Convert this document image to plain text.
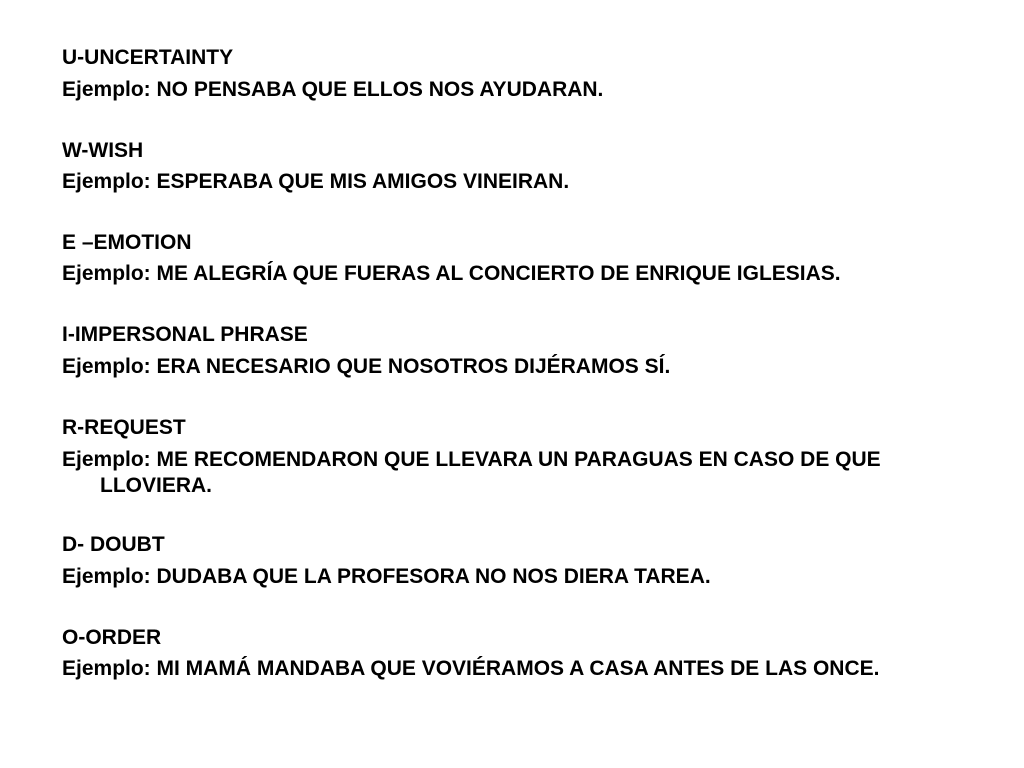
U-UNCERTAINTY
Ejemplo: NO PENSABA QUE ELLOS NOS AYUDARAN.
W-WISH
Ejemplo: ESPERABA QUE MIS AMIGOS VINEIRAN.
E –EMOTION
Ejemplo: ME ALEGRÍA QUE FUERAS AL CONCIERTO DE ENRIQUE IGLESIAS.
I-IMPERSONAL PHRASE
Ejemplo: ERA NECESARIO QUE NOSOTROS DIJÉRAMOS SÍ.
R-REQUEST
Ejemplo: ME RECOMENDARON QUE LLEVARA UN PARAGUAS EN CASO DE QUE LLOVIERA.
D- DOUBT
Ejemplo: DUDABA QUE LA PROFESORA NO NOS DIERA TAREA.
O-ORDER
Ejemplo: MI MAMÁ MANDABA QUE VOVIÉRAMOS A CASA ANTES DE LAS ONCE.
